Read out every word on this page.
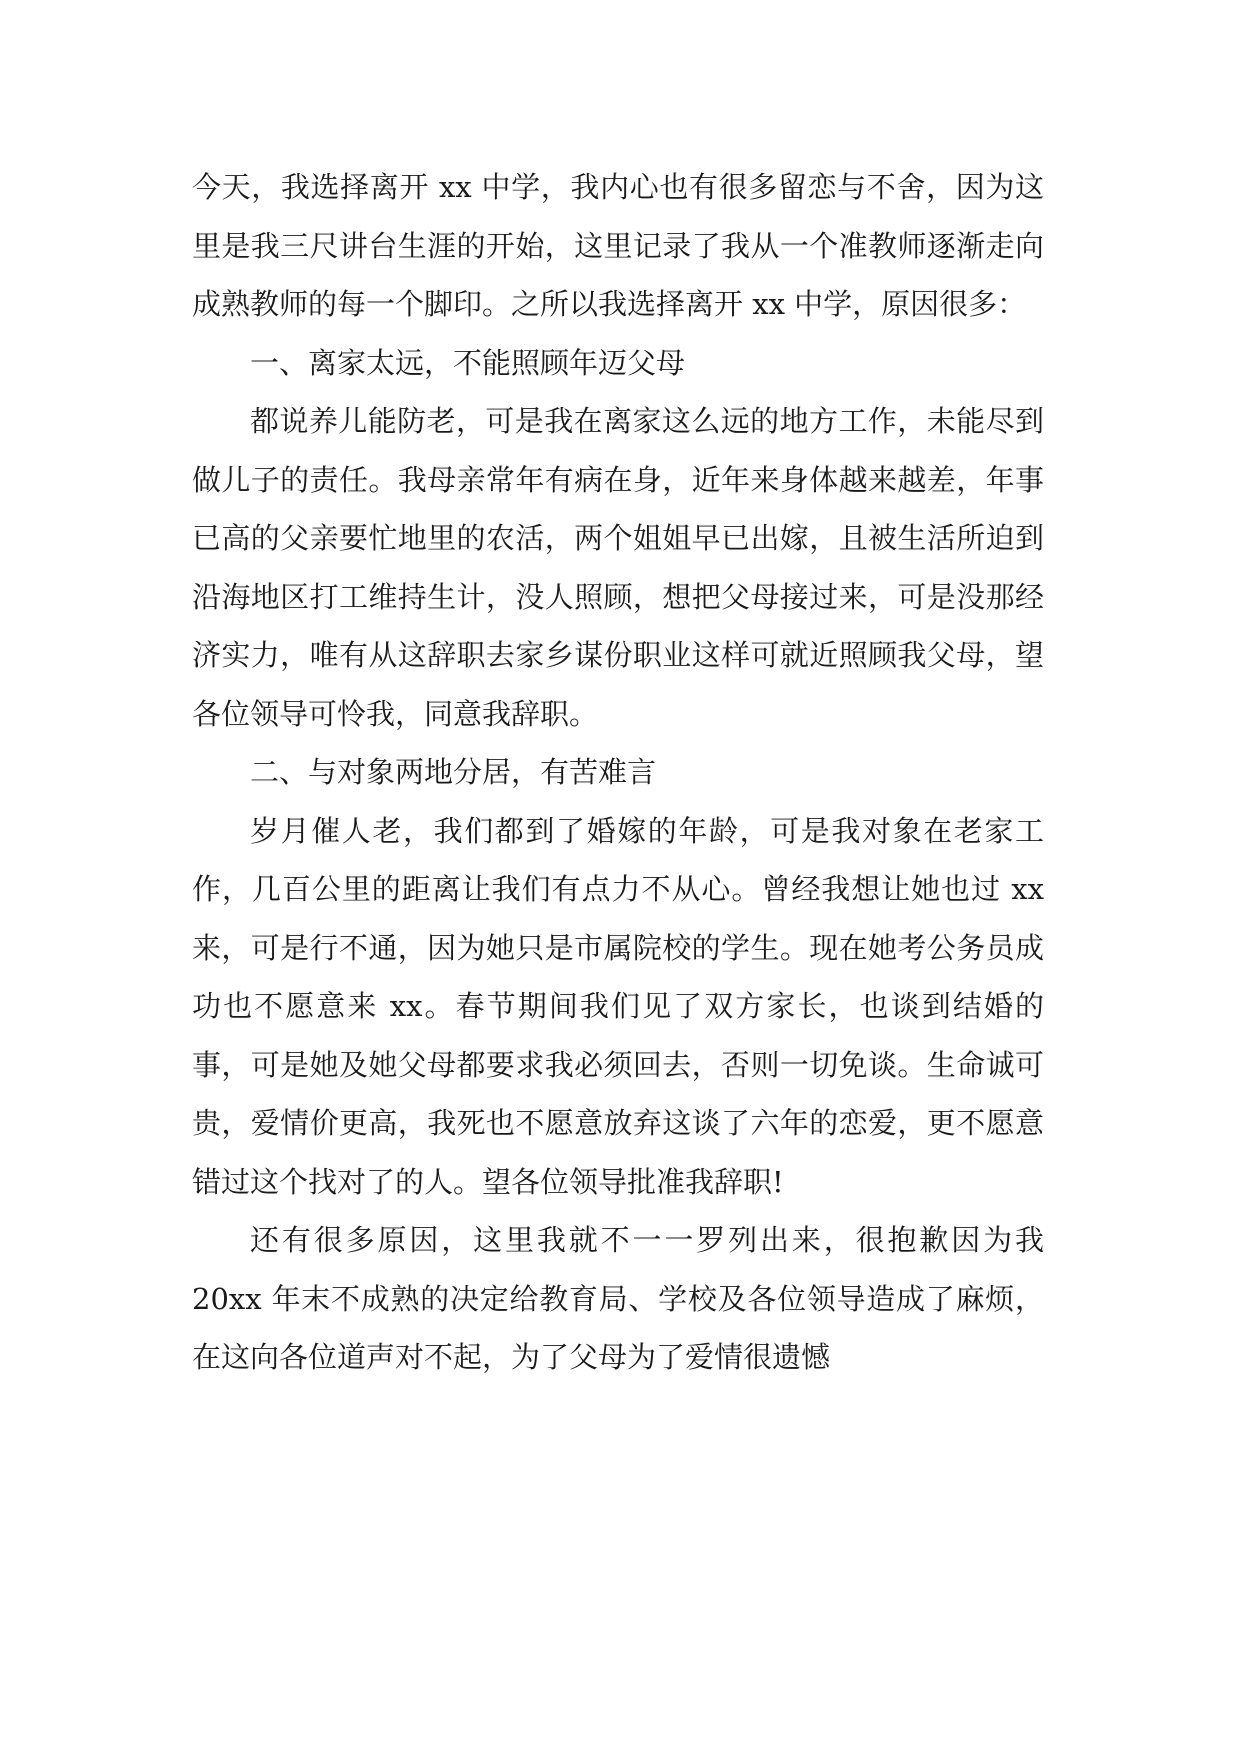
今天，我选择离开 xx 中学，我内心也有很多留恋与不舍，因为这里是我三尺讲台生涯的开始，这里记录了我从一个准教师逐渐走向成熟教师的每一个脚印。之所以我选择离开 xx 中学，原因很多：

一、离家太远，不能照顾年迈父母

都说养儿能防老，可是我在离家这么远的地方工作，未能尽到做儿子的责任。我母亲常年有病在身，近年来身体越来越差，年事已高的父亲要忙地里的农活，两个姐姐早已出嫁，且被生活所迫到沿海地区打工维持生计，没人照顾，想把父母接过来，可是没那经济实力，唯有从这辞职去家乡谋份职业这样可就近照顾我父母，望各位领导可怜我，同意我辞职。

二、与对象两地分居，有苦难言

岁月催人老，我们都到了婚嫁的年龄，可是我对象在老家工作，几百公里的距离让我们有点力不从心。曾经我想让她也过 xx 来，可是行不通，因为她只是市属院校的学生。现在她考公务员成功也不愿意来 xx。春节期间我们见了双方家长，也谈到结婚的事，可是她及她父母都要求我必须回去，否则一切免谈。生命诚可贵，爱情价更高，我死也不愿意放弃这谈了六年的恋爱，更不愿意错过这个找对了的人。望各位领导批准我辞职!

还有很多原因，这里我就不一一罗列出来，很抱歉因为我 20xx 年末不成熟的决定给教育局、学校及各位领导造成了麻烦，在这向各位道声对不起，为了父母为了爱情很遗憾
